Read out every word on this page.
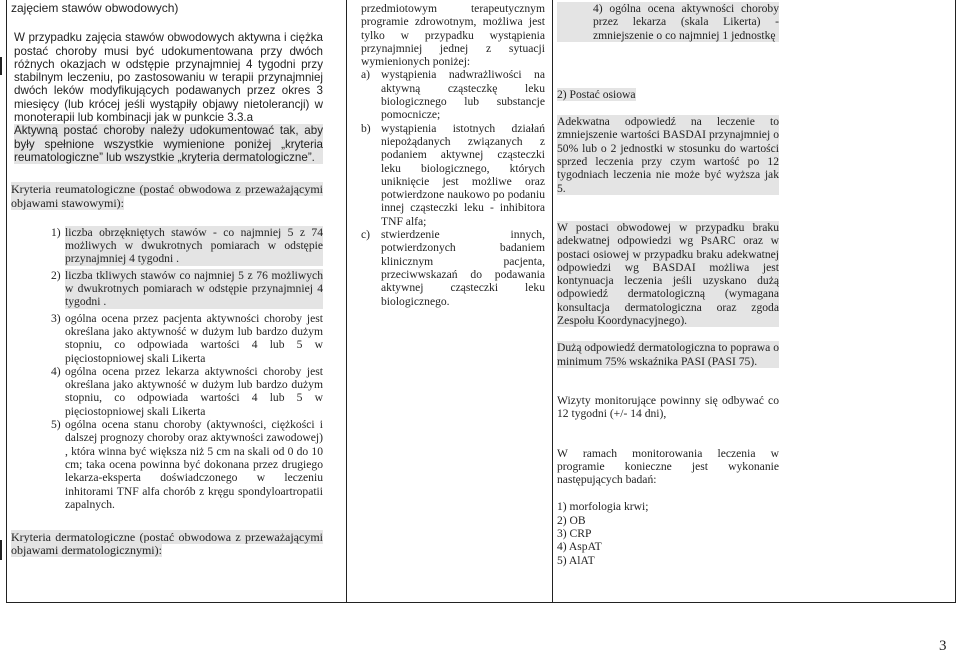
zajęciem stawów obwodowych)

W przypadku zajęcia stawów obwodowych aktywna i ciężka postać choroby musi być udokumentowana przy dwóch różnych okazjach w odstępie przynajmniej 4 tygodni przy stabilnym leczeniu, po zastosowaniu w terapii przynajmniej dwóch leków modyfikujących podawanych przez okres 3 miesięcy (lub krócej jeśli wystąpiły objawy nietolerancji) w monoterapii lub kombinacji jak w punkcie 3.3.a

Aktywną postać choroby należy udokumentować tak, aby były spełnione wszystkie wymienione poniżej „kryteria reumatologiczne” lub wszystkie „kryteria dermatologiczne”.

Kryteria reumatologiczne (postać obwodowa z przeważającymi objawami stawowymi):

1) liczba obrzękniętych stawów - co najmniej 5 z 74 możliwych w dwukrotnych pomiarach w odstępie przynajmniej 4 tygodni .
2) liczba tkliwych stawów co najmniej 5 z 76 możliwych w dwukrotnych pomiarach w odstępie przynajmniej 4 tygodni .
3) ogólna ocena przez pacjenta aktywności choroby jest określana jako aktywność w dużym lub bardzo dużym stopniu, co odpowiada wartości 4 lub 5 w pięciostopniowej skali Likerta
4) ogólna ocena przez lekarza aktywności choroby jest określana jako aktywność w dużym lub bardzo dużym stopniu, co odpowiada wartości 4 lub 5 w pięciostopniowej skali Likerta
5) ogólna ocena stanu choroby (aktywności, ciężkości i dalszej prognozy choroby oraz aktywności zawodowej) , która winna być większa niż 5 cm na skali od 0 do 10 cm; taka ocena powinna być dokonana przez drugiego lekarza-eksperta doświadczonego w leczeniu inhitorami TNF alfa chorób z kręgu spondyloartropatii zapalnych.

Kryteria dermatologiczne (postać obwodowa z przeważającymi objawami dermatologicznymi):

przedmiotowym terapeutycznym programie zdrowotnym, możliwa jest tylko w przypadku wystąpienia przynajmniej jednej z sytuacji wymienionych poniżej:

a) wystąpienia nadwrażliwości na aktywną cząsteczkę leku biologicznego lub substancje pomocnicze;
b) wystąpienia istotnych działań niepożądanych związanych z podaniem aktywnej cząsteczki leku biologicznego, których uniknięcie jest możliwe oraz potwierdzone naukowo po podaniu innej cząsteczki leku - inhibitora TNF alfa;
c) stwierdzenie innych, potwierdzonych badaniem klinicznym pacjenta, przeciwwskazań do podawania aktywnej cząsteczki leku biologicznego.

4) ogólna ocena aktywności choroby przez lekarza (skala Likerta) - zmniejszenie o co najmniej 1 jednostkę

2) Postać osiowa

Adekwatna odpowiedź na leczenie to zmniejszenie wartości BASDAI przynajmniej o 50% lub o 2 jednostki w stosunku do wartości sprzed leczenia przy czym wartość po 12 tygodniach leczenia nie może być wyższa jak 5.

W postaci obwodowej w przypadku braku adekwatnej odpowiedzi wg PsARC oraz w postaci osiowej w przypadku braku adekwatnej odpowiedzi wg BASDAI możliwa jest kontynuacja leczenia jeśli uzyskano dużą odpowiedź dermatologiczną (wymagana konsultacja dermatologiczna oraz zgoda Zespołu Koordynacyjnego).

Dużą odpowiedź dermatologiczna to poprawa o minimum 75% wskaźnika PASI (PASI 75).

Wizyty monitorujące powinny się odbywać co 12 tygodni (+/- 14 dni),

W ramach monitorowania leczenia w programie konieczne jest wykonanie następujących badań:

1) morfologia krwi;

2) OB

3) CRP

4) AspAT

5) AlAT

3
